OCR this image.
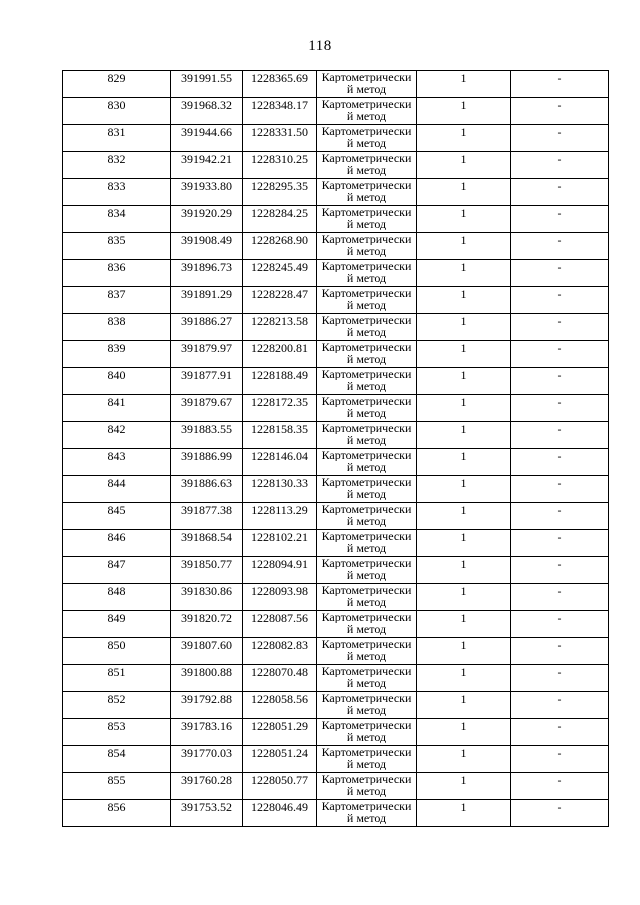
118
829	391991.55	1228365.69	Картометрически
й метод	1	-
830	391968.32	1228348.17	Картометрически
й метод	1	-
831	391944.66	1228331.50	Картометрически
й метод	1	-
832	391942.21	1228310.25	Картометрически
й метод	1	-
833	391933.80	1228295.35	Картометрически
й метод	1	-
834	391920.29	1228284.25	Картометрически
й метод	1	-
835	391908.49	1228268.90	Картометрически
й метод	1	-
836	391896.73	1228245.49	Картометрически
й метод	1	-
837	391891.29	1228228.47	Картометрически
й метод	1	-
838	391886.27	1228213.58	Картометрически
й метод	1	-
839	391879.97	1228200.81	Картометрически
й метод	1	-
840	391877.91	1228188.49	Картометрически
й метод	1	-
841	391879.67	1228172.35	Картометрически
й метод	1	-
842	391883.55	1228158.35	Картометрически
й метод	1	-
843	391886.99	1228146.04	Картометрически
й метод	1	-
844	391886.63	1228130.33	Картометрически
й метод	1	-
845	391877.38	1228113.29	Картометрически
й метод	1	-
846	391868.54	1228102.21	Картометрически
й метод	1	-
847	391850.77	1228094.91	Картометрически
й метод	1	-
848	391830.86	1228093.98	Картометрически
й метод	1	-
849	391820.72	1228087.56	Картометрически
й метод	1	-
850	391807.60	1228082.83	Картометрически
й метод	1	-
851	391800.88	1228070.48	Картометрически
й метод	1	-
852	391792.88	1228058.56	Картометрически
й метод	1	-
853	391783.16	1228051.29	Картометрически
й метод	1	-
854	391770.03	1228051.24	Картометрически
й метод	1	-
855	391760.28	1228050.77	Картометрически
й метод	1	-
856	391753.52	1228046.49	Картометрически
й метод	1	-
